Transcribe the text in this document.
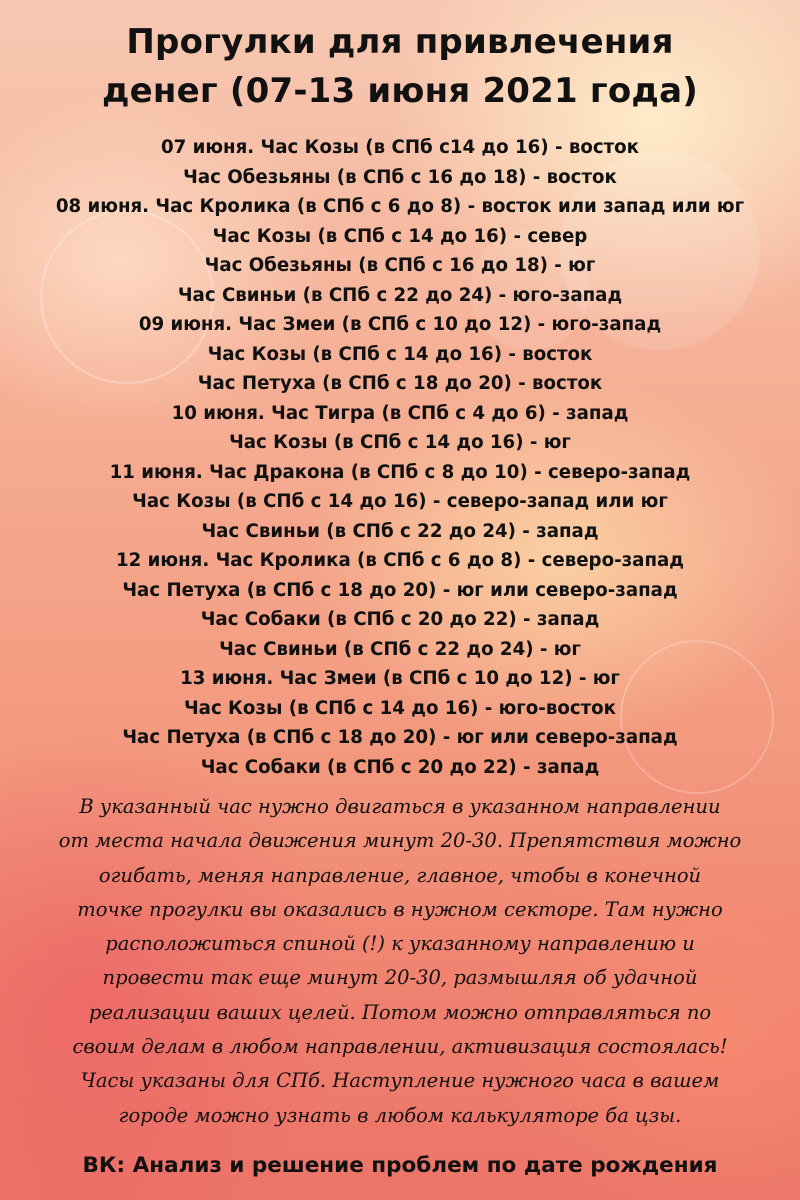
Прогулки для привлечения
денег (07-13 июня 2021 года)
07 июня. Час Козы (в СПб с14 до 16) - восток
Час Обезьяны (в СПб с 16 до 18) - восток
08 июня. Час Кролика (в СПб с 6 до 8) - восток или запад или юг
Час Козы (в СПб с 14 до 16) - север
Час Обезьяны (в СПб с 16 до 18) - юг
Час Свиньи (в СПб с 22 до 24) - юго-запад
09 июня. Час Змеи (в СПб с 10 до 12) - юго-запад
Час Козы (в СПб с 14 до 16) - восток
Час Петуха (в СПб с 18 до 20) - восток
10 июня. Час Тигра (в СПб с 4 до 6) - запад
Час Козы (в СПб с 14 до 16) - юг
11 июня. Час Дракона (в СПб с 8 до 10) - северо-запад
Час Козы (в СПб с 14 до 16) - северо-запад или юг
Час Свиньи (в СПб с 22 до 24) - запад
12 июня. Час Кролика (в СПб с 6 до 8) - северо-запад
Час Петуха (в СПб с 18 до 20) - юг или северо-запад
Час Собаки (в СПб с 20 до 22) - запад
Час Свиньи (в СПб с 22 до 24) - юг
13 июня. Час Змеи (в СПб с 10 до 12) - юг
Час Козы (в СПб с 14 до 16) - юго-восток
Час Петуха (в СПб с 18 до 20) - юг или северо-запад
Час Собаки (в СПб с 20 до 22) - запад
В указанный час нужно двигаться в указанном направлении
от места начала движения минут 20-30. Препятствия можно
огибать, меняя направление, главное, чтобы в конечной
точке прогулки вы оказались в нужном секторе. Там нужно
расположиться спиной (!) к указанному направлению и
провести так еще минут 20-30, размышляя об удачной
реализации ваших целей. Потом можно отправляться по
своим делам в любом направлении, активизация состоялась!
Часы указаны для СПб. Наступление нужного часа в вашем
городе можно узнать в любом калькуляторе ба цзы.

ВК: Анализ и решение проблем по дате рождения
